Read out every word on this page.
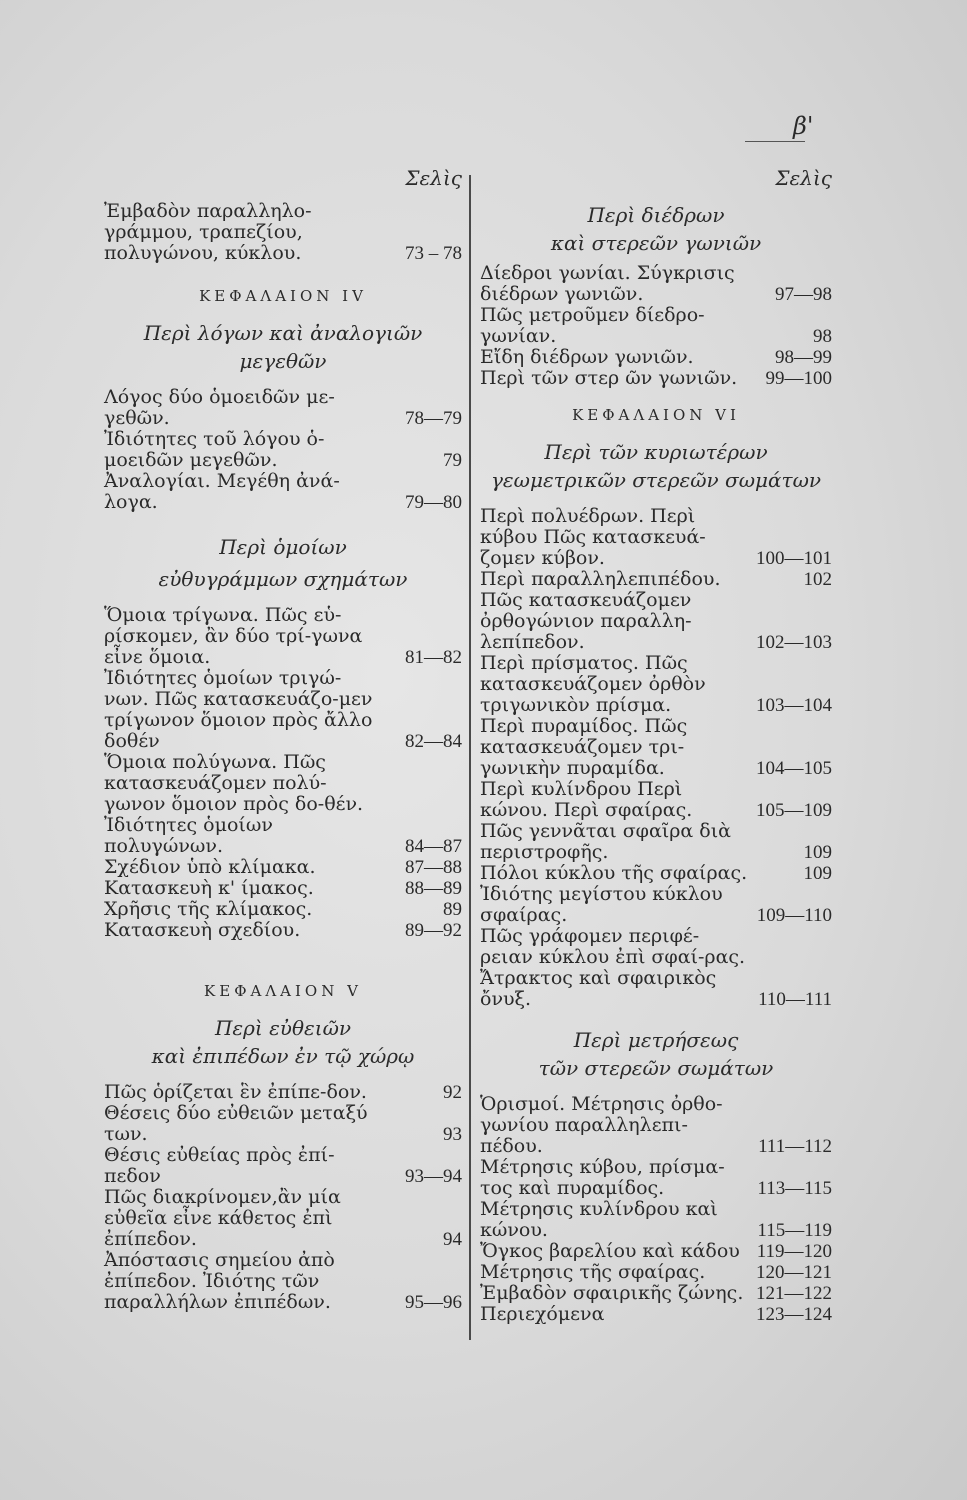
β'
Σελὶς
Ἐμβαδὸν παραλληλο-γράμμου, τραπεζίου, πολυγώνου, κύκλου.	73 – 78
ΚΕΦΑΛΑΙΟΝ IV
Περὶ λόγων καὶ ἀναλογιῶν μεγεθῶν
Λόγος δύο ὁμοειδῶν με-γεθῶν.	78—79
Ἰδιότητες τοῦ λόγου ὁ-μοειδῶν μεγεθῶν.	79
Ἀναλογίαι. Μεγέθη ἀνά-λογα.	79—80
Περὶ ὁμοίων
εὐθυγράμμων σχημάτων
Ὅμοια τρίγωνα. Πῶς εὑ-ρίσκομεν, ἂν δύο τρί-γωνα εἶνε ὅμοια.	81—82
Ἰδιότητες ὁμοίων τριγώ-νων. Πῶς κατασκευάζο-μεν τρίγωνον ὅμοιον πρὸς ἄλλο δοθέν	82—84
Ὅμοια πολύγωνα. Πῶς κατασκευάζομεν πολύ-γωνον ὅμοιον πρὸς δο-θέν. Ἰδιότητες ὁμοίων πολυγώνων.	84—87
Σχέδιον ὑπὸ κλίμακα.	87—88
Κατασκευὴ κ' ίμακος.	88—89
Χρῆσις τῆς κλίμακος.	89
Κατασκευὴ σχεδίου.	89—92
ΚΕΦΑΛΑΙΟΝ V
Περὶ εὐθειῶν
καὶ ἐπιπέδων ἐν τῷ χώρῳ
Πῶς ὁρίζεται ἓν ἐπίπε-δον.	92
Θέσεις δύο εὐθειῶν μεταξύ των.	93
Θέσις εὐθείας πρὸς ἐπί-πεδον	93—94
Πῶς διακρίνομεν,ἂν μία εὐθεῖα εἶνε κάθετος ἐπὶ ἐπίπεδον.	94
Ἀπόστασις σημείου ἀπὸ ἐπίπεδον. Ἰδιότης τῶν παραλλήλων ἐπιπέδων.	95—96
Σελὶς
Περὶ διέδρων
καὶ στερεῶν γωνιῶν
Δίεδροι γωνίαι. Σύγκρισις διέδρων γωνιῶν.	97—98
Πῶς μετροῦμεν δίεδρο-γωνίαν.	98
Εἴδη διέδρων γωνιῶν.	98—99
Περὶ τῶν στερ ῶν γωνιῶν.	99—100
ΚΕΦΑΛΑΙΟΝ VI
Περὶ τῶν κυριωτέρων
γεωμετρικῶν στερεῶν σωμάτων
Περὶ πολυέδρων. Περὶ κύβου Πῶς κατασκευά-ζομεν κύβον.	100—101
Περὶ παραλληλεπιπέδου.	102
Πῶς κατασκευάζομεν ὀρθογώνιον παραλλη-λεπίπεδον.	102—103
Περὶ πρίσματος. Πῶς κατασκευάζομεν ὀρθὸν τριγωνικὸν πρίσμα.	103—104
Περὶ πυραμίδος. Πῶς κατασκευάζομεν τρι-γωνικὴν πυραμίδα.	104—105
Περὶ κυλίνδρου Περὶ κώνου. Περὶ σφαίρας.	105—109
Πῶς γεννᾶται σφαῖρα διὰ περιστροφῆς.	109
Πόλοι κύκλου τῆς σφαίρας.	109
Ἰδιότης μεγίστου κύκλου σφαίρας.	109—110
Πῶς γράφομεν περιφέ-ρειαν κύκλου ἐπὶ σφαί-ρας. Ἄτρακτος καὶ σφαιρικὸς ὄνυξ.	110—111
Περὶ μετρήσεως
τῶν στερεῶν σωμάτων
Ὁρισμοί. Μέτρησις ὀρθο-γωνίου παραλληλεπι-πέδου.	111—112
Μέτρησις κύβου, πρίσμα-τος καὶ πυραμίδος.	113—115
Μέτρησις κυλίνδρου καὶ κώνου.	115—119
Ὄγκος βαρελίου καὶ κάδου 119—120
Μέτρησις τῆς σφαίρας.	120—121
Ἐμβαδὸν σφαιρικῆς ζώνης. 121—122
Περιεχόμενα	123—124
